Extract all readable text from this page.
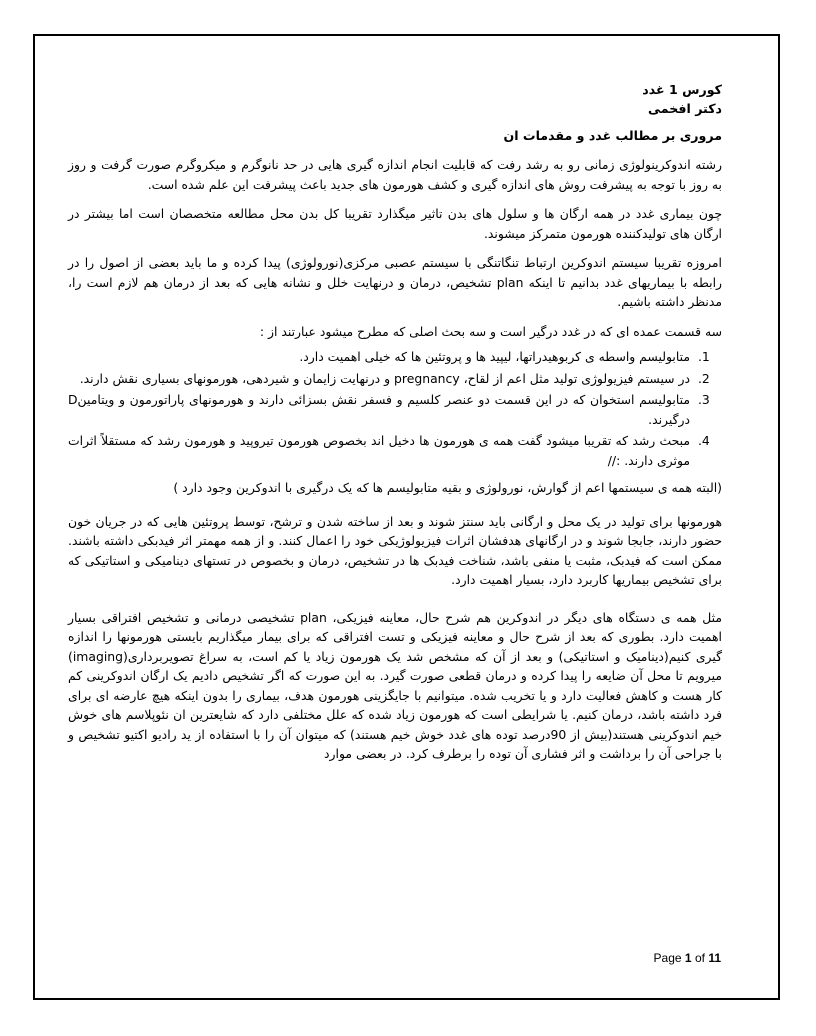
کورس 1 غدد
دکتر افخمی
مروری بر مطالب غدد و مقدمات ان

رشته اندوکرینولوژی زمانی رو به رشد رفت که قابلیت انجام اندازه گیری هایی در حد نانوگرم و میکروگرم صورت گرفت و روز به روز با توجه به پیشرفت روش های اندازه گیری و کشف هورمون های جدید باعث پیشرفت این علم شده است.

چون بیماری غدد در همه ارگان ها و سلول های بدن تاثیر میگذارد تقریبا کل بدن محل مطالعه متخصصان است اما بیشتر در ارگان های تولیدکننده هورمون متمرکز میشوند.

امروزه تقریبا سیستم اندوکرین ارتباط تنگاتنگی با سیستم عصبی مرکزی(نورولوژی) پیدا کرده و ما باید بعضی از اصول را در رابطه با بیماریهای غدد بدانیم تا اینکه plan تشخیص، درمان و درنهایت خلل و نشانه هایی که بعد از درمان هم لازم است را، مدنظر داشته باشیم.

سه قسمت عمده ای که در غدد درگیر است و سه بحث اصلی که مطرح میشود عبارتند از :

1. متابولیسم واسطه ی کربوهیدراتها، لیپید ها و پروتئین ها که خیلی اهمیت دارد.
2. در سیستم فیزیولوژی تولید مثل اعم از لقاح، pregnancy و درنهایت زایمان و شیردهی، هورمونهای بسیاری نقش دارند.
3. متابولیسم استخوان که در این قسمت دو عنصر کلسیم و فسفر نقش بسزائی دارند و هورمونهای پاراتورمون و ویتامینD درگیرند.
4. مبحث رشد که تقریبا میشود گفت همه ی هورمون ها دخیل اند بخصوص هورمون تیروپید و هورمون رشد که مستقلاً اثرات موثری دارند. ://

(البته همه ی سیستمها اعم از گوارش، نورولوژی و بقیه متابولیسم ها که یک درگیری با اندوکرین وجود دارد )

هورمونها برای تولید در یک محل و ارگانی باید سنتز شوند و بعد از ساخته شدن و ترشح، توسط پروتئین هایی که در جریان خون حضور دارند، جابجا شوند و در ارگانهای هدفشان اثرات فیزیولوژیکی خود را اعمال کنند. و از همه مهمتر اثر فیدبکی داشته باشند. ممکن است که فیدبک، مثبت یا منفی باشد، شناخت فیدبک ها در تشخیص، درمان و بخصوص در تستهای دینامیکی و استاتیکی که برای تشخیص بیماریها کاربرد دارد، بسیار اهمیت دارد.

مثل همه ی دستگاه های دیگر در اندوکرین هم شرح حال، معاینه فیزیکی، plan تشخیصی درمانی و تشخیص افتراقی بسیار اهمیت دارد. بطوری که بعد از شرح حال و معاینه فیزیکی و تست افتراقی که برای بیمار میگذاریم بایستی هورمونها را اندازه گیری کنیم(دینامیک و استاتیکی) و بعد از آن که مشخص شد یک هورمون زیاد یا کم است، به سراغ تصویربرداری(imaging) میرویم تا محل آن ضایعه را پیدا کرده و درمان قطعی صورت گیرد. به این صورت که اگر تشخیص دادیم یک ارگان اندوکرینی کم کار هست و کاهش فعالیت دارد و یا تخریب شده. میتوانیم با جایگزینی هورمون هدف، بیماری را بدون اینکه هیچ عارضه ای برای فرد داشته باشد، درمان کنیم. یا شرایطی است که هورمون زیاد شده که علل مختلفی دارد که شایعترین ان نئوپلاسم های خوش خیم اندوکرینی هستند(بیش از 90درصد توده های غدد خوش خیم هستند) که میتوان آن را با استفاده از ید رادیو اکتیو تشخیص و با جراحی آن را برداشت و اثر فشاری آن توده را برطرف کرد. در بعضی موارد

Page 1 of 11
